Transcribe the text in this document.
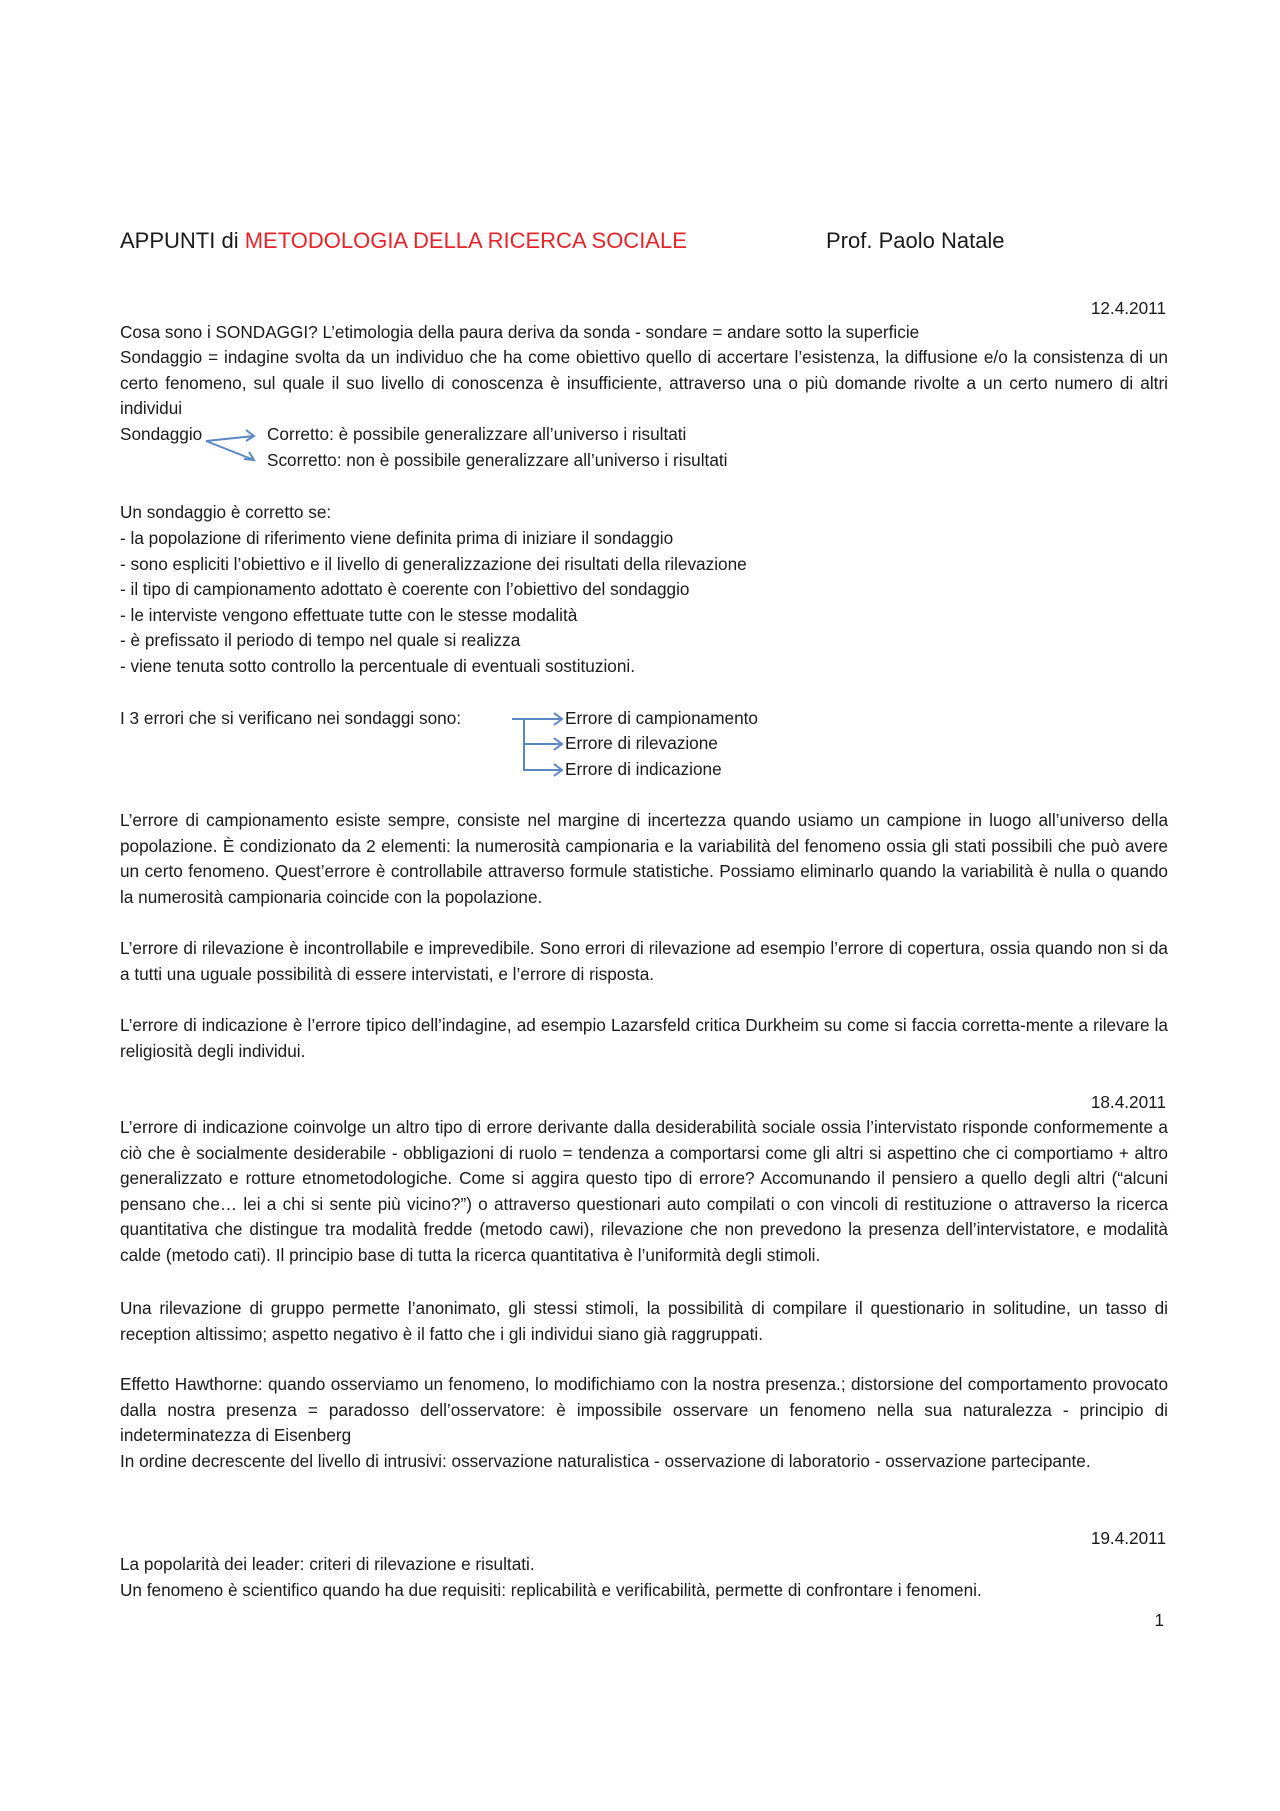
APPUNTI di METODOLOGIA DELLA RICERCA SOCIALE	Prof. Paolo Natale
12.4.2011
Cosa sono i SONDAGGI? L’etimologia della paura deriva da sonda - sondare = andare sotto la superficie
Sondaggio = indagine svolta da un individuo che ha come obiettivo quello di accertare l’esistenza, la diffusione e/o la consistenza di un certo fenomeno, sul quale il suo livello di conoscenza è insufficiente, attraverso una o più domande rivolte a un certo numero di altri individui
Sondaggio	Corretto: è possibile generalizzare all’universo i risultati
Scorretto: non è possibile generalizzare all’universo i risultati
Un sondaggio è corretto se:
- la popolazione di riferimento viene definita prima di iniziare il sondaggio
- sono espliciti l’obiettivo e il livello di generalizzazione dei risultati della rilevazione
- il tipo di campionamento adottato è coerente con l’obiettivo del sondaggio
- le interviste vengono effettuate tutte con le stesse modalità
- è prefissato il periodo di tempo nel quale si realizza
- viene tenuta sotto controllo la percentuale di eventuali sostituzioni.
I 3 errori che si verificano nei sondaggi sono:	Errore di campionamento
Errore di rilevazione
Errore di indicazione
L’errore di campionamento esiste sempre, consiste nel margine di incertezza quando usiamo un campione in luogo all’universo della popolazione. È condizionato da 2 elementi: la numerosità campionaria e la variabilità del fenomeno ossia gli stati possibili che può avere un certo fenomeno. Quest’errore è controllabile attraverso formule statistiche. Possiamo eliminarlo quando la variabilità è nulla o quando la numerosità campionaria coincide con la popolazione.
L’errore di rilevazione è incontrollabile e imprevedibile. Sono errori di rilevazione ad esempio l’errore di copertura, ossia quando non si da a tutti una uguale possibilità di essere intervistati, e l’errore di risposta.
L’errore di indicazione è l’errore tipico dell’indagine, ad esempio Lazarsfeld critica Durkheim su come si faccia corretta-mente a rilevare la religiosità degli individui.
18.4.2011
L’errore di indicazione coinvolge un altro tipo di errore derivante dalla desiderabilità sociale ossia l’intervistato risponde conformemente a ciò che è socialmente desiderabile - obbligazioni di ruolo = tendenza a comportarsi come gli altri si aspettino che ci comportiamo + altro generalizzato e rotture etnometodologiche. Come si aggira questo tipo di errore? Accomunando il pensiero a quello degli altri (“alcuni pensano che… lei a chi si sente più vicino?”) o attraverso questionari auto compilati o con vincoli di restituzione o attraverso la ricerca quantitativa che distingue tra modalità fredde (metodo cawi), rilevazione che non prevedono la presenza dell’intervistatore, e modalità calde (metodo cati). Il principio base di tutta la ricerca quantitativa è l’uniformità degli stimoli.
Una rilevazione di gruppo permette l’anonimato, gli stessi stimoli, la possibilità di compilare il questionario in solitudine, un tasso di reception altissimo; aspetto negativo è il fatto che i gli individui siano già raggruppati.
Effetto Hawthorne: quando osserviamo un fenomeno, lo modifichiamo con la nostra presenza.; distorsione del comportamento provocato dalla nostra presenza = paradosso dell’osservatore: è impossibile osservare un fenomeno nella sua naturalezza - principio di indeterminatezza di Eisenberg
In ordine decrescente del livello di intrusivi: osservazione naturalistica - osservazione di laboratorio - osservazione partecipante.
19.4.2011
La popolarità dei leader: criteri di rilevazione e risultati.
Un fenomeno è scientifico quando ha due requisiti: replicabilità e verificabilità, permette di confrontare i fenomeni.
1
